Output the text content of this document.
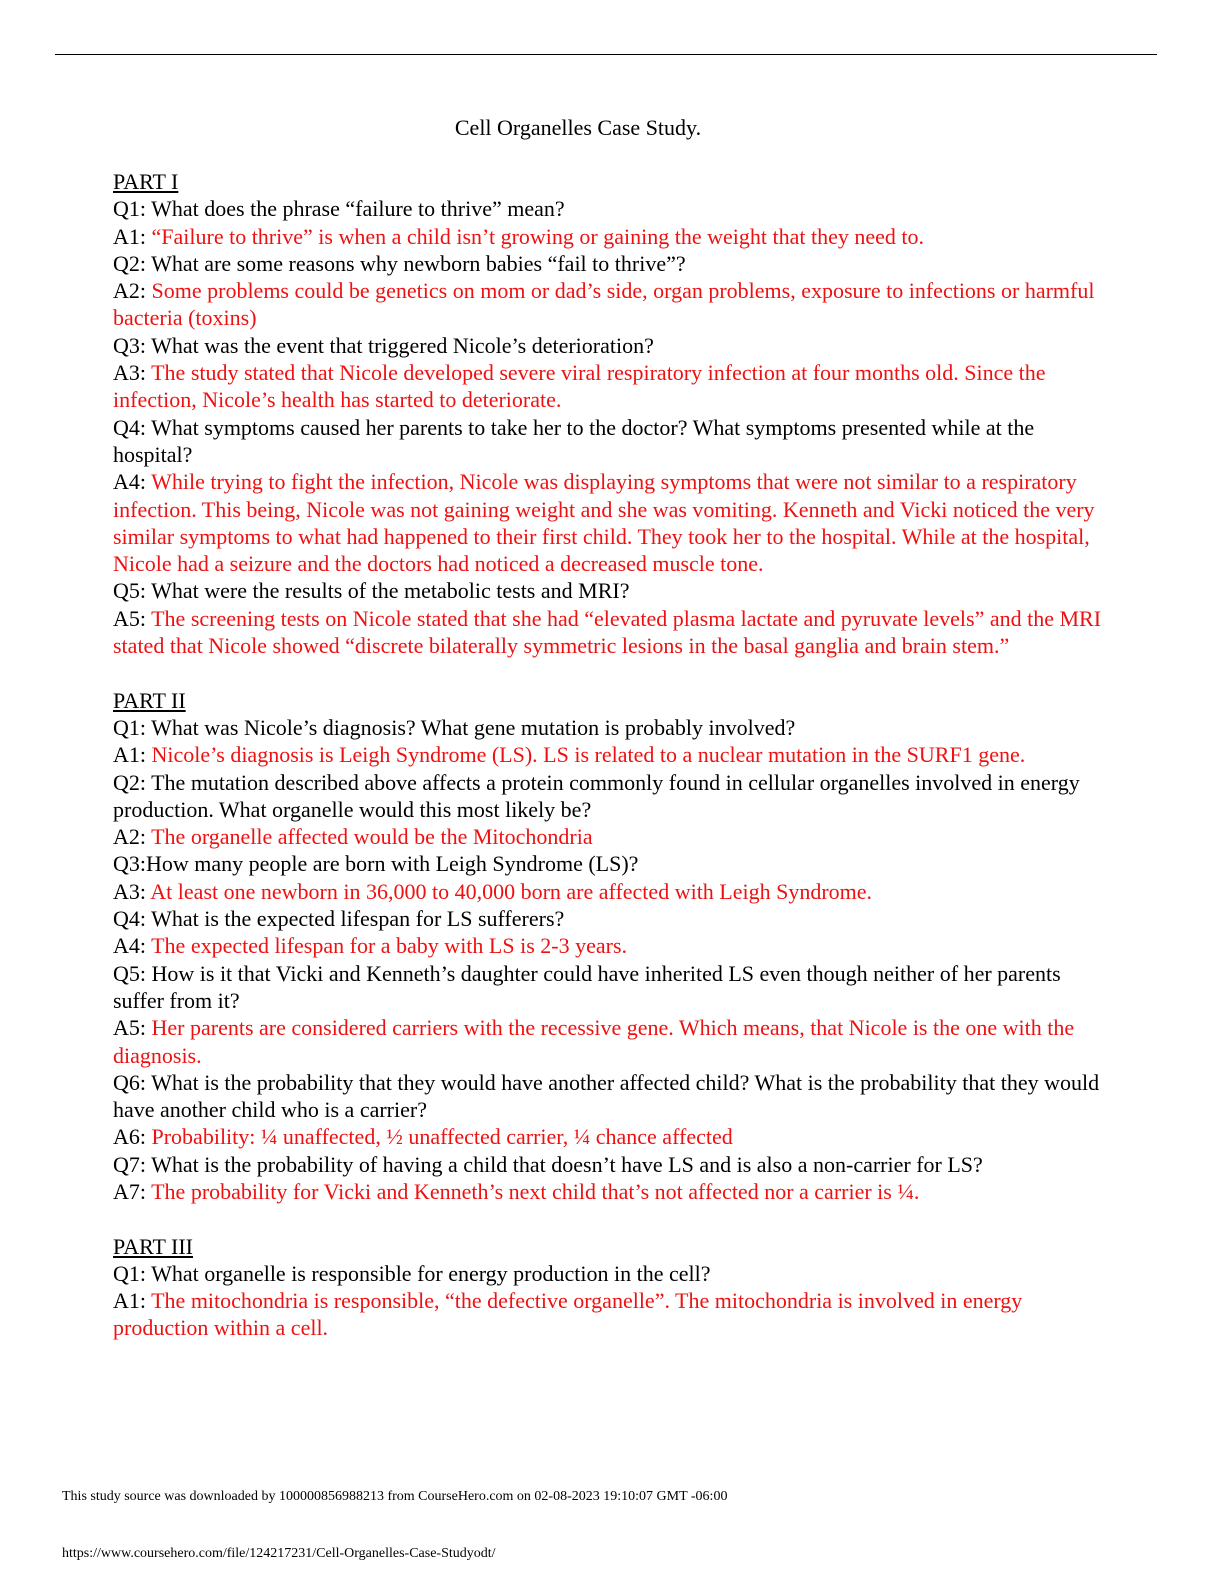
Cell Organelles Case Study.
PART I
Q1: What does the phrase “failure to thrive” mean?
A1: “Failure to thrive” is when a child isn’t growing or gaining the weight that they need to.
Q2: What are some reasons why newborn babies “fail to thrive”?
A2: Some problems could be genetics on mom or dad’s side, organ problems, exposure to infections or harmful bacteria (toxins)
Q3: What was the event that triggered Nicole’s deterioration?
A3: The study stated that Nicole developed severe viral respiratory infection at four months old. Since the infection, Nicole’s health has started to deteriorate.
Q4: What symptoms caused her parents to take her to the doctor? What symptoms presented while at the hospital?
A4: While trying to fight the infection, Nicole was displaying symptoms that were not similar to a respiratory infection. This being, Nicole was not gaining weight and she was vomiting. Kenneth and Vicki noticed the very similar symptoms to what had happened to their first child. They took her to the hospital. While at the hospital, Nicole had a seizure and the doctors had noticed a decreased muscle tone.
Q5: What were the results of the metabolic tests and MRI?
A5: The screening tests on Nicole stated that she had “elevated plasma lactate and pyruvate levels” and the MRI stated that Nicole showed “discrete bilaterally symmetric lesions in the basal ganglia and brain stem.”
PART II
Q1: What was Nicole’s diagnosis? What gene mutation is probably involved?
A1: Nicole’s diagnosis is Leigh Syndrome (LS). LS is related to a nuclear mutation in the SURF1 gene.
Q2: The mutation described above affects a protein commonly found in cellular organelles involved in energy production. What organelle would this most likely be?
A2: The organelle affected would be the Mitochondria
Q3:How many people are born with Leigh Syndrome (LS)?
A3: At least one newborn in 36,000 to 40,000 born are affected with Leigh Syndrome.
Q4: What is the expected lifespan for LS sufferers?
A4: The expected lifespan for a baby with LS is 2-3 years.
Q5: How is it that Vicki and Kenneth’s daughter could have inherited LS even though neither of her parents suffer from it?
A5: Her parents are considered carriers with the recessive gene. Which means, that Nicole is the one with the diagnosis.
Q6: What is the probability that they would have another affected child? What is the probability that they would have another child who is a carrier?
A6: Probability: ¼ unaffected, ½ unaffected carrier, ¼ chance affected
Q7: What is the probability of having a child that doesn’t have LS and is also a non-carrier for LS?
A7: The probability for Vicki and Kenneth’s next child that’s not affected nor a carrier is ¼.
PART III
Q1: What organelle is responsible for energy production in the cell?
A1: The mitochondria is responsible, “the defective organelle”. The mitochondria is involved in energy production within a cell.
This study source was downloaded by 100000856988213 from CourseHero.com on 02-08-2023 19:10:07 GMT -06:00
https://www.coursehero.com/file/124217231/Cell-Organelles-Case-Studyodt/
